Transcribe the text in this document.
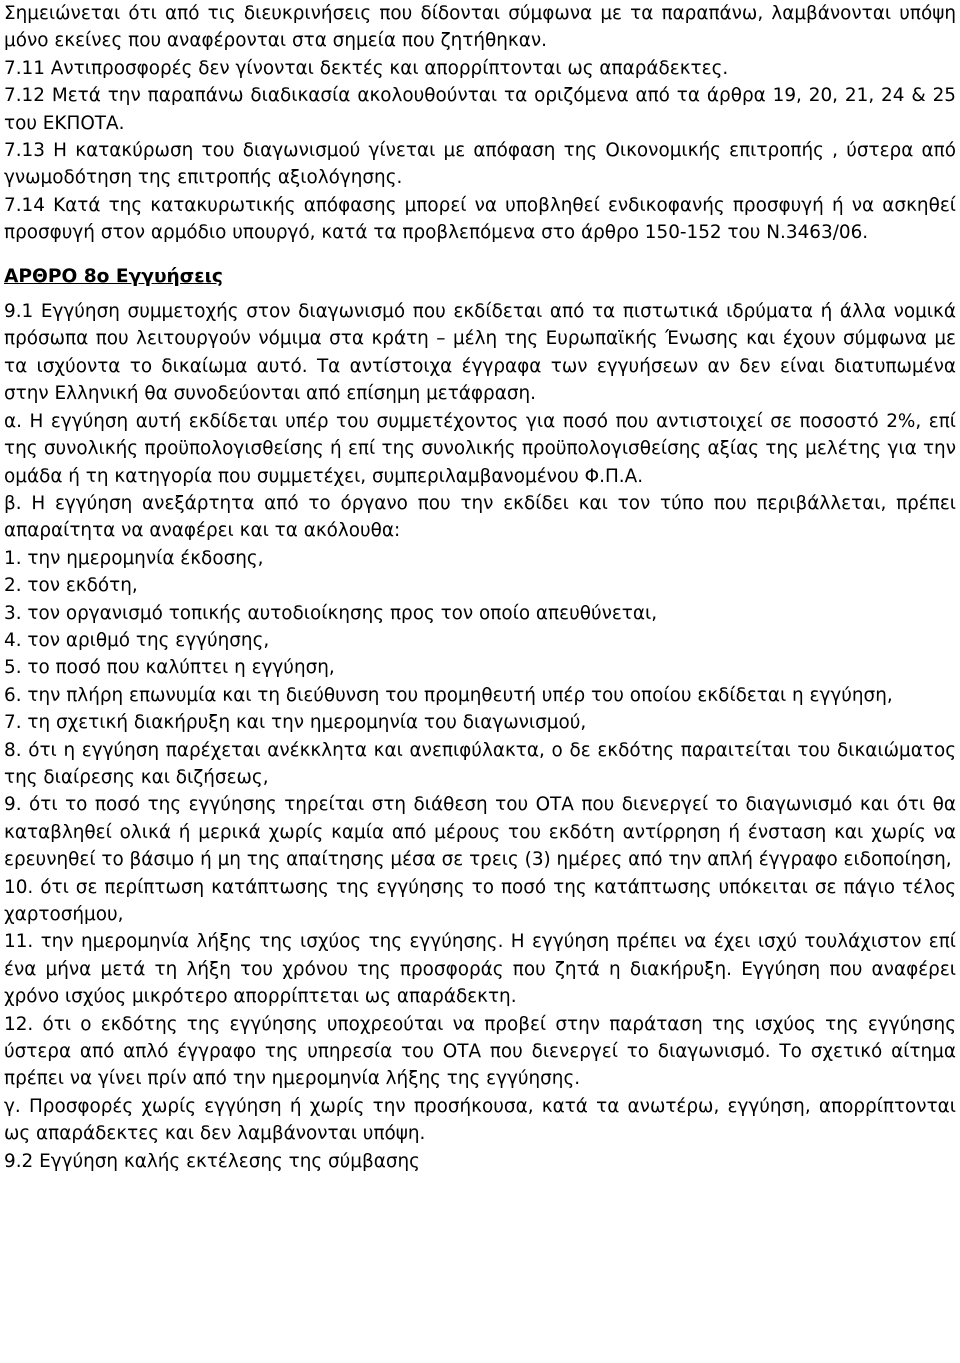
Σημειώνεται ότι από τις διευκρινήσεις που δίδονται σύμφωνα με τα παραπάνω, λαμβάνονται υπόψη μόνο εκείνες που αναφέρονται στα σημεία που ζητήθηκαν.

7.11 Αντιπροσφορές δεν γίνονται δεκτές και απορρίπτονται ως απαράδεκτες.

7.12 Μετά την παραπάνω διαδικασία ακολουθούνται τα οριζόμενα από τα άρθρα 19, 20, 21, 24 & 25 του ΕΚΠΟΤΑ.

7.13 Η κατακύρωση του διαγωνισμού γίνεται με απόφαση της Οικονομικής επιτροπής , ύστερα από γνωμοδότηση της επιτροπής αξιολόγησης.

7.14 Κατά της κατακυρωτικής απόφασης μπορεί να υποβληθεί ενδικοφανής προσφυγή ή να ασκηθεί προσφυγή στον αρμόδιο υπουργό, κατά τα προβλεπόμενα στο άρθρο 150-152 του Ν.3463/06.

ΑΡΘΡΟ 8ο Εγγυήσεις

9.1 Εγγύηση συμμετοχής στον διαγωνισμό που εκδίδεται από τα πιστωτικά ιδρύματα ή άλλα νομικά πρόσωπα που λειτουργούν νόμιμα στα κράτη – μέλη της Ευρωπαϊκής Ένωσης και έχουν σύμφωνα με τα ισχύοντα το δικαίωμα αυτό. Τα αντίστοιχα έγγραφα των εγγυήσεων αν δεν είναι διατυπωμένα στην Ελληνική θα συνοδεύονται από επίσημη μετάφραση.

α. Η εγγύηση αυτή εκδίδεται υπέρ του συμμετέχοντος για ποσό που αντιστοιχεί σε ποσοστό 2%, επί της συνολικής προϋπολογισθείσης ή επί της συνολικής προϋπολογισθείσης αξίας της μελέτης για την ομάδα ή τη κατηγορία που συμμετέχει, συμπεριλαμβανομένου Φ.Π.Α.

β. Η εγγύηση ανεξάρτητα από το όργανο που την εκδίδει και τον τύπο που περιβάλλεται, πρέπει απαραίτητα να αναφέρει και τα ακόλουθα:

1. την ημερομηνία έκδοσης,

2. τον εκδότη,

3. τον οργανισμό τοπικής αυτοδιοίκησης προς τον οποίο απευθύνεται,

4. τον αριθμό της εγγύησης,

5. το ποσό που καλύπτει η εγγύηση,

6. την πλήρη επωνυμία και τη διεύθυνση του προμηθευτή υπέρ του οποίου εκδίδεται η εγγύηση,

7. τη σχετική διακήρυξη και την ημερομηνία του διαγωνισμού,

8. ότι η εγγύηση παρέχεται ανέκκλητα και ανεπιφύλακτα, ο δε εκδότης παραιτείται του δικαιώματος της διαίρεσης και διζήσεως,

9. ότι το ποσό της εγγύησης τηρείται στη διάθεση του ΟΤΑ που διενεργεί το διαγωνισμό και ότι θα καταβληθεί ολικά ή μερικά χωρίς καμία από μέρους του εκδότη αντίρρηση ή ένσταση και χωρίς να ερευνηθεί το βάσιμο ή μη της απαίτησης μέσα σε τρεις (3) ημέρες από την απλή έγγραφο ειδοποίηση,

10. ότι σε περίπτωση κατάπτωσης της εγγύησης το ποσό της κατάπτωσης υπόκειται σε πάγιο τέλος χαρτοσήμου,

11. την ημερομηνία λήξης της ισχύος της εγγύησης. Η εγγύηση πρέπει να έχει ισχύ τουλάχιστον επί ένα μήνα μετά τη λήξη του χρόνου της προσφοράς που ζητά η διακήρυξη. Εγγύηση που αναφέρει χρόνο ισχύος μικρότερο απορρίπτεται ως απαράδεκτη.

12. ότι ο εκδότης της εγγύησης υποχρεούται να προβεί στην παράταση της ισχύος της εγγύησης ύστερα από απλό έγγραφο της υπηρεσία του ΟΤΑ που διενεργεί το διαγωνισμό. Το σχετικό αίτημα πρέπει να γίνει πρίν από την ημερομηνία λήξης της εγγύησης.

γ. Προσφορές χωρίς εγγύηση ή χωρίς την προσήκουσα, κατά τα ανωτέρω, εγγύηση, απορρίπτονται ως απαράδεκτες και δεν λαμβάνονται υπόψη.

9.2 Εγγύηση καλής εκτέλεσης της σύμβασης
